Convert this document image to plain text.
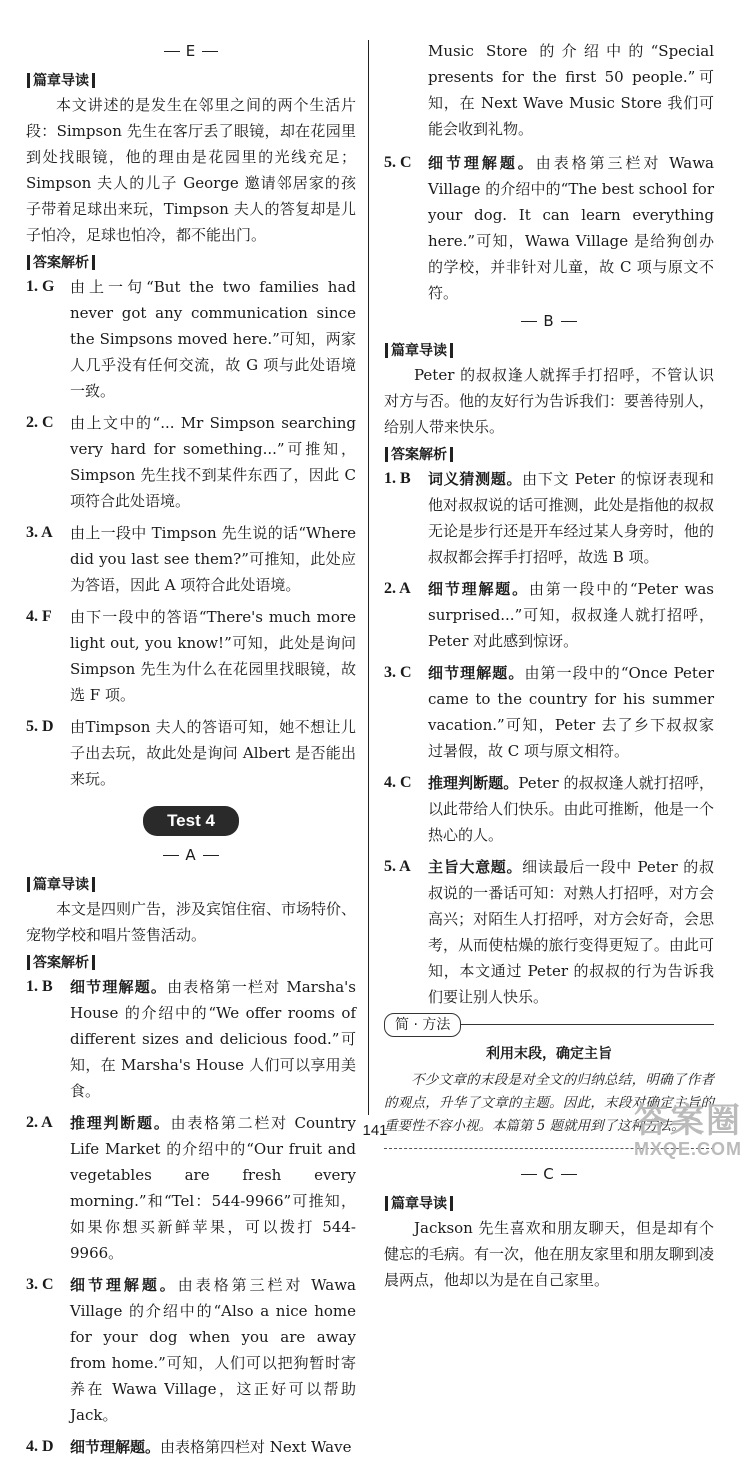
E
篇章导读

本文讲述的是发生在邻里之间的两个生活片段：Simpson 先生在客厅丢了眼镜，却在花园里到处找眼镜，他的理由是花园里的光线充足；Simpson 夫人的儿子 George 邀请邻居家的孩子带着足球出来玩，Timpson 夫人的答复却是儿子怕冷，足球也怕冷，都不能出门。

答案解析
1. G	由上一句“But the two families had never got any communication since the Simpsons moved here.”可知，两家人几乎没有任何交流，故 G 项与此处语境一致。
2. C	由上文中的“... Mr Simpson searching very hard for something...”可推知，Simpson 先生找不到某件东西了，因此 C 项符合此处语境。
3. A	由上一段中 Timpson 先生说的话“Where did you last see them?”可推知，此处应为答语，因此 A 项符合此处语境。
4. F	由下一段中的答语“There's much more light out, you know!”可知，此处是询问 Simpson 先生为什么在花园里找眼镜，故选 F 项。
5. D	由Timpson 夫人的答语可知，她不想让儿子出去玩，故此处是询问 Albert 是否能出来玩。
Test 4
A
篇章导读

本文是四则广告，涉及宾馆住宿、市场特价、宠物学校和唱片签售活动。

答案解析
1. B	细节理解题。由表格第一栏对 Marsha's House 的介绍中的“We offer rooms of different sizes and delicious food.”可知，在 Marsha's House 人们可以享用美食。
2. A	推理判断题。由表格第二栏对 Country Life Market 的介绍中的“Our fruit and vegetables are fresh every morning.”和“Tel：544-9966”可推知，如果你想买新鲜苹果，可以拨打 544-9966。
3. C	细节理解题。由表格第三栏对 Wawa Village 的介绍中的“Also a nice home for your dog when you are away from home.”可知，人们可以把狗暂时寄养在 Wawa Village，这正好可以帮助 Jack。
4. D	细节理解题。由表格第四栏对 Next Wave

Music Store 的介绍中的“Special presents for the first 50 people.”可知，在 Next Wave Music Store 我们可能会收到礼物。

5. C	细节理解题。由表格第三栏对 Wawa Village 的介绍中的“The best school for your dog. It can learn everything here.”可知，Wawa Village 是给狗创办的学校，并非针对儿童，故 C 项与原文不符。
B
篇章导读

Peter 的叔叔逢人就挥手打招呼，不管认识对方与否。他的友好行为告诉我们：要善待别人，给别人带来快乐。

答案解析
1. B	词义猜测题。由下文 Peter 的惊讶表现和他对叔叔说的话可推测，此处是指他的叔叔无论是步行还是开车经过某人身旁时，他的叔叔都会挥手打招呼，故选 B 项。
2. A	细节理解题。由第一段中的“Peter was surprised...”可知，叔叔逢人就打招呼，Peter 对此感到惊讶。
3. C	细节理解题。由第一段中的“Once Peter came to the country for his summer vacation.”可知，Peter 去了乡下叔叔家过暑假，故 C 项与原文相符。
4. C	推理判断题。Peter 的叔叔逢人就打招呼，以此带给人们快乐。由此可推断，他是一个热心的人。
5. A	主旨大意题。细读最后一段中 Peter 的叔叔说的一番话可知：对熟人打招呼，对方会高兴；对陌生人打招呼，对方会好奇，会思考，从而使枯燥的旅行变得更短了。由此可知，本文通过 Peter 的叔叔的行为告诉我们要让别人快乐。
简 · 方法
利用末段，确定主旨
不少文章的末段是对全文的归纳总结，明确了作者的观点，升华了文章的主题。因此，末段对确定主旨的重要性不容小视。本篇第 5 题就用到了这种方法。
C
篇章导读

Jackson 先生喜欢和朋友聊天，但是却有个健忘的毛病。有一次，他在朋友家里和朋友聊到凌晨两点，他却以为是在自己家里。

141	答案圈
MXQE.COM
